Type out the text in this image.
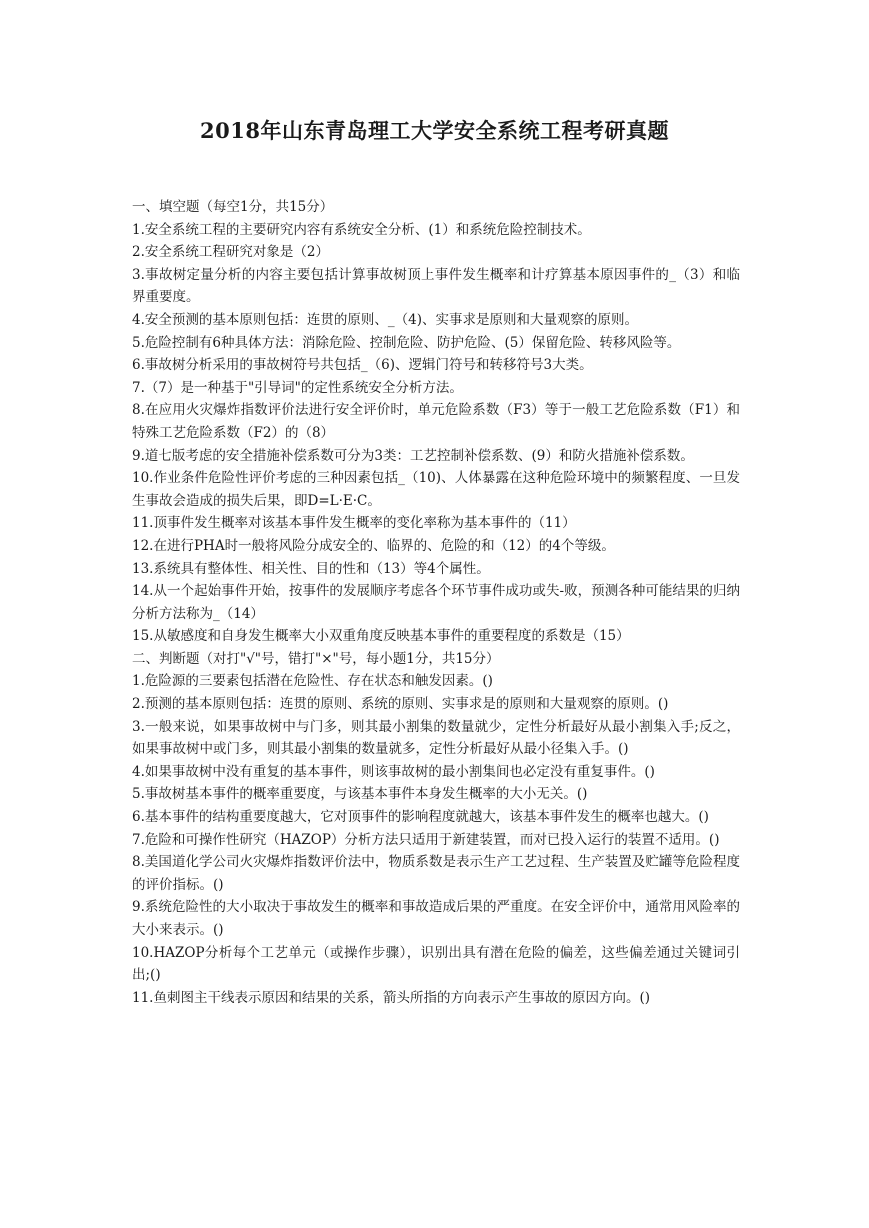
2018年山东青岛理工大学安全系统工程考研真题
一、填空题（每空1分，共15分）
1.安全系统工程的主要研究内容有系统安全分析、(1）和系统危险控制技术。
2.安全系统工程研究对象是（2）
3.事故树定量分析的内容主要包括计算事故树顶上事件发生概率和计疗算基本原因事件的_（3）和临界重要度。
4.安全预测的基本原则包括：连贯的原则、_（4)、实事求是原则和大量观察的原则。
5.危险控制有6种具体方法：消除危险、控制危险、防护危险、(5）保留危险、转移风险等。
6.事故树分析采用的事故树符号共包括_（6)、逻辑门符号和转移符号3大类。
7.（7）是一种基于"引导词"的定性系统安全分析方法。
8.在应用火灾爆炸指数评价法进行安全评价时，单元危险系数（F3）等于一般工艺危险系数（F1）和特殊工艺危险系数（F2）的（8）
9.道七版考虑的安全措施补偿系数可分为3类：工艺控制补偿系数、(9）和防火措施补偿系数。
10.作业条件危险性评价考虑的三种因素包括_（10)、人体暴露在这种危险环境中的频繁程度、一旦发生事故会造成的损失后果，即D=L·E·C。
11.顶事件发生概率对该基本事件发生概率的变化率称为基本事件的（11）
12.在进行PHA时一般将风险分成安全的、临界的、危险的和（12）的4个等级。
13.系统具有整体性、相关性、目的性和（13）等4个属性。
14.从一个起始事件开始，按事件的发展顺序考虑各个环节事件成功或失-败，预测各种可能结果的归纳分析方法称为_（14）
15.从敏感度和自身发生概率大小双重角度反映基本事件的重要程度的系数是（15）
二、判断题（对打"√"号，错打"×"号，每小题1分，共15分）
1.危险源的三要素包括潜在危险性、存在状态和触发因素。()
2.预测的基本原则包括：连贯的原则、系统的原则、实事求是的原则和大量观察的原则。()
3.一般来说，如果事故树中与门多，则其最小割集的数量就少，定性分析最好从最小割集入手;反之，如果事故树中或门多，则其最小割集的数量就多，定性分析最好从最小径集入手。()
4.如果事故树中没有重复的基本事件，则该事故树的最小割集间也必定没有重复事件。()
5.事故树基本事件的概率重要度，与该基本事件本身发生概率的大小无关。()
6.基本事件的结构重要度越大，它对顶事件的影响程度就越大，该基本事件发生的概率也越大。()
7.危险和可操作性研究（HAZOP）分析方法只适用于新建装置，而对已投入运行的装置不适用。()
8.美国道化学公司火灾爆炸指数评价法中，物质系数是表示生产工艺过程、生产装置及贮罐等危险程度的评价指标。()
9.系统危险性的大小取决于事故发生的概率和事故造成后果的严重度。在安全评价中，通常用风险率的大小来表示。()
10.HAZOP分析每个工艺单元（或操作步骤），识别出具有潜在危险的偏差，这些偏差通过关键词引出;()
11.鱼刺图主干线表示原因和结果的关系，箭头所指的方向表示产生事故的原因方向。()
